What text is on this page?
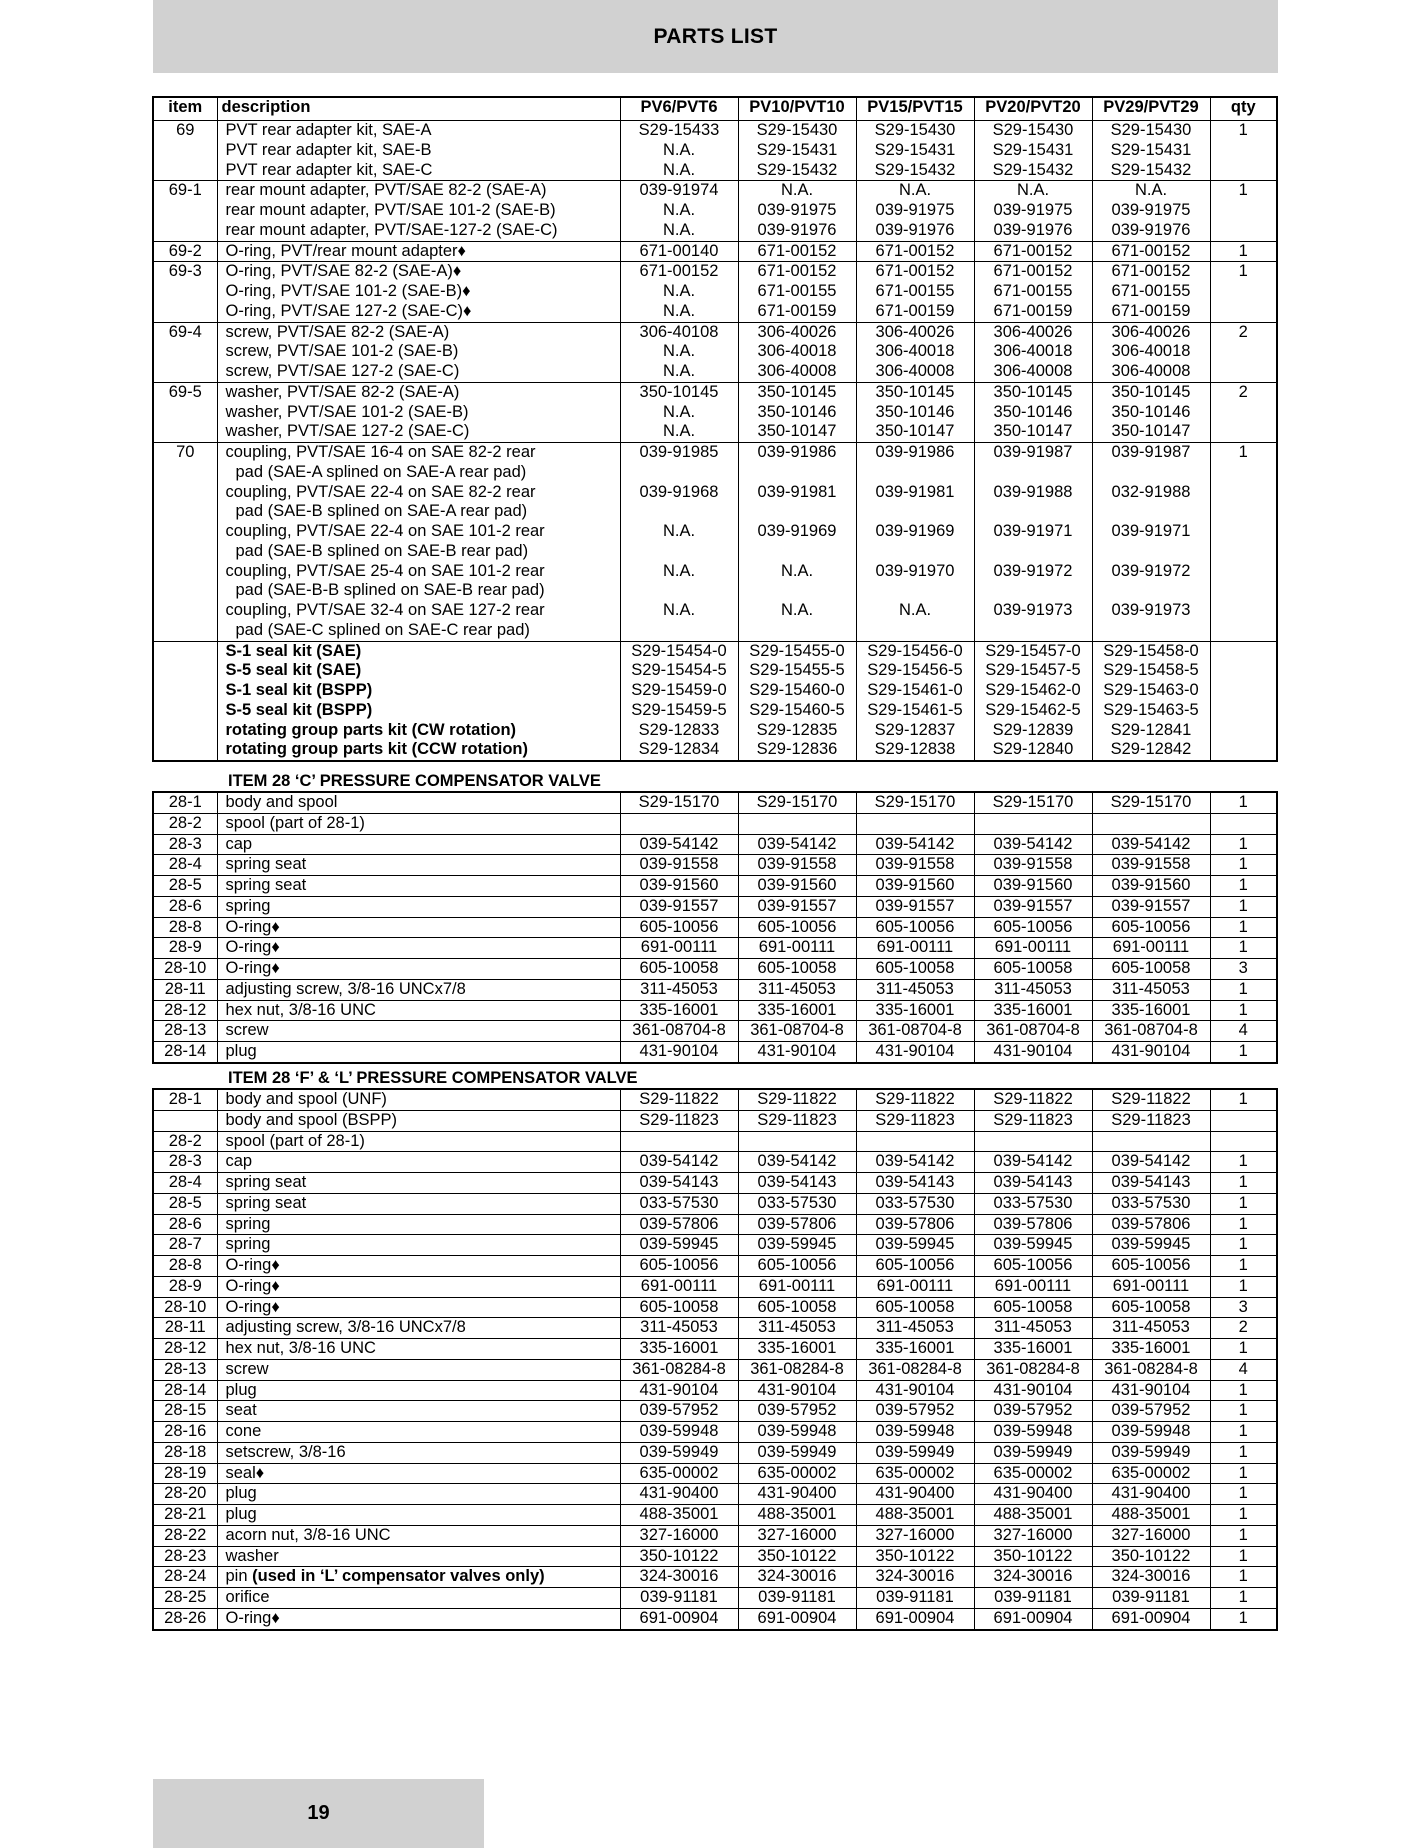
PARTS LIST
item	description	PV6/PVT6	PV10/PVT10	PV15/PVT15	PV20/PVT20	PV29/PVT29	qty
69	PVT rear adapter kit, SAE-A	S29-15433	S29-15430	S29-15430	S29-15430	S29-15430	1
	PVT rear adapter kit, SAE-B	N.A.	S29-15431	S29-15431	S29-15431	S29-15431	
	PVT rear adapter kit, SAE-C	N.A.	S29-15432	S29-15432	S29-15432	S29-15432	
69-1	rear mount adapter, PVT/SAE 82-2 (SAE-A)	039-91974	N.A.	N.A.	N.A.	N.A.	1
	rear mount adapter, PVT/SAE 101-2 (SAE-B)	N.A.	039-91975	039-91975	039-91975	039-91975	
	rear mount adapter, PVT/SAE-127-2 (SAE-C)	N.A.	039-91976	039-91976	039-91976	039-91976	
69-2	O-ring, PVT/rear mount adapter♦	671-00140	671-00152	671-00152	671-00152	671-00152	1
69-3	O-ring, PVT/SAE 82-2 (SAE-A)♦	671-00152	671-00152	671-00152	671-00152	671-00152	1
	O-ring, PVT/SAE 101-2 (SAE-B)♦	N.A.	671-00155	671-00155	671-00155	671-00155	
	O-ring, PVT/SAE 127-2 (SAE-C)♦	N.A.	671-00159	671-00159	671-00159	671-00159	
69-4	screw, PVT/SAE 82-2 (SAE-A)	306-40108	306-40026	306-40026	306-40026	306-40026	2
	screw, PVT/SAE 101-2 (SAE-B)	N.A.	306-40018	306-40018	306-40018	306-40018	
	screw, PVT/SAE 127-2 (SAE-C)	N.A.	306-40008	306-40008	306-40008	306-40008	
69-5	washer, PVT/SAE 82-2 (SAE-A)	350-10145	350-10145	350-10145	350-10145	350-10145	2
	washer, PVT/SAE 101-2 (SAE-B)	N.A.	350-10146	350-10146	350-10146	350-10146	
	washer, PVT/SAE 127-2 (SAE-C)	N.A.	350-10147	350-10147	350-10147	350-10147	
70	coupling, PVT/SAE 16-4 on SAE 82-2 rear	039-91985	039-91986	039-91986	039-91987	039-91987	1
	pad (SAE-A splined on SAE-A rear pad)						
	coupling, PVT/SAE 22-4 on SAE 82-2 rear	039-91968	039-91981	039-91981	039-91988	032-91988	
	pad (SAE-B splined on SAE-A rear pad)						
	coupling, PVT/SAE 22-4 on SAE 101-2 rear	N.A.	039-91969	039-91969	039-91971	039-91971	
	pad (SAE-B splined on SAE-B rear pad)						
	coupling, PVT/SAE 25-4 on SAE 101-2 rear	N.A.	N.A.	039-91970	039-91972	039-91972	
	pad (SAE-B-B splined on SAE-B rear pad)						
	coupling, PVT/SAE 32-4 on SAE 127-2 rear	N.A.	N.A.	N.A.	039-91973	039-91973	
	pad (SAE-C splined on SAE-C rear pad)						
	S-1 seal kit (SAE)	S29-15454-0	S29-15455-0	S29-15456-0	S29-15457-0	S29-15458-0	
	S-5 seal kit (SAE)	S29-15454-5	S29-15455-5	S29-15456-5	S29-15457-5	S29-15458-5	
	S-1 seal kit (BSPP)	S29-15459-0	S29-15460-0	S29-15461-0	S29-15462-0	S29-15463-0	
	S-5 seal kit (BSPP)	S29-15459-5	S29-15460-5	S29-15461-5	S29-15462-5	S29-15463-5	
	rotating group parts kit (CW rotation)	S29-12833	S29-12835	S29-12837	S29-12839	S29-12841	
	rotating group parts kit (CCW rotation)	S29-12834	S29-12836	S29-12838	S29-12840	S29-12842	
ITEM 28 ‘C’ PRESSURE COMPENSATOR VALVE
28-1	body and spool	S29-15170	S29-15170	S29-15170	S29-15170	S29-15170	1
28-2	spool (part of 28-1)						
28-3	cap	039-54142	039-54142	039-54142	039-54142	039-54142	1
28-4	spring seat	039-91558	039-91558	039-91558	039-91558	039-91558	1
28-5	spring seat	039-91560	039-91560	039-91560	039-91560	039-91560	1
28-6	spring	039-91557	039-91557	039-91557	039-91557	039-91557	1
28-8	O-ring♦	605-10056	605-10056	605-10056	605-10056	605-10056	1
28-9	O-ring♦	691-00111	691-00111	691-00111	691-00111	691-00111	1
28-10	O-ring♦	605-10058	605-10058	605-10058	605-10058	605-10058	3
28-11	adjusting screw, 3/8-16 UNCx7/8	311-45053	311-45053	311-45053	311-45053	311-45053	1
28-12	hex nut, 3/8-16 UNC	335-16001	335-16001	335-16001	335-16001	335-16001	1
28-13	screw	361-08704-8	361-08704-8	361-08704-8	361-08704-8	361-08704-8	4
28-14	plug	431-90104	431-90104	431-90104	431-90104	431-90104	1
ITEM 28 ‘F’ & ‘L’ PRESSURE COMPENSATOR VALVE
28-1	body and spool (UNF)	S29-11822	S29-11822	S29-11822	S29-11822	S29-11822	1
	body and spool (BSPP)	S29-11823	S29-11823	S29-11823	S29-11823	S29-11823	
28-2	spool (part of 28-1)						
28-3	cap	039-54142	039-54142	039-54142	039-54142	039-54142	1
28-4	spring seat	039-54143	039-54143	039-54143	039-54143	039-54143	1
28-5	spring seat	033-57530	033-57530	033-57530	033-57530	033-57530	1
28-6	spring	039-57806	039-57806	039-57806	039-57806	039-57806	1
28-7	spring	039-59945	039-59945	039-59945	039-59945	039-59945	1
28-8	O-ring♦	605-10056	605-10056	605-10056	605-10056	605-10056	1
28-9	O-ring♦	691-00111	691-00111	691-00111	691-00111	691-00111	1
28-10	O-ring♦	605-10058	605-10058	605-10058	605-10058	605-10058	3
28-11	adjusting screw, 3/8-16 UNCx7/8	311-45053	311-45053	311-45053	311-45053	311-45053	2
28-12	hex nut, 3/8-16 UNC	335-16001	335-16001	335-16001	335-16001	335-16001	1
28-13	screw	361-08284-8	361-08284-8	361-08284-8	361-08284-8	361-08284-8	4
28-14	plug	431-90104	431-90104	431-90104	431-90104	431-90104	1
28-15	seat	039-57952	039-57952	039-57952	039-57952	039-57952	1
28-16	cone	039-59948	039-59948	039-59948	039-59948	039-59948	1
28-18	setscrew, 3/8-16	039-59949	039-59949	039-59949	039-59949	039-59949	1
28-19	seal♦	635-00002	635-00002	635-00002	635-00002	635-00002	1
28-20	plug	431-90400	431-90400	431-90400	431-90400	431-90400	1
28-21	plug	488-35001	488-35001	488-35001	488-35001	488-35001	1
28-22	acorn nut, 3/8-16 UNC	327-16000	327-16000	327-16000	327-16000	327-16000	1
28-23	washer	350-10122	350-10122	350-10122	350-10122	350-10122	1
28-24	pin (used in ‘L’ compensator valves only)	324-30016	324-30016	324-30016	324-30016	324-30016	1
28-25	orifice	039-91181	039-91181	039-91181	039-91181	039-91181	1
28-26	O-ring♦	691-00904	691-00904	691-00904	691-00904	691-00904	1
19
